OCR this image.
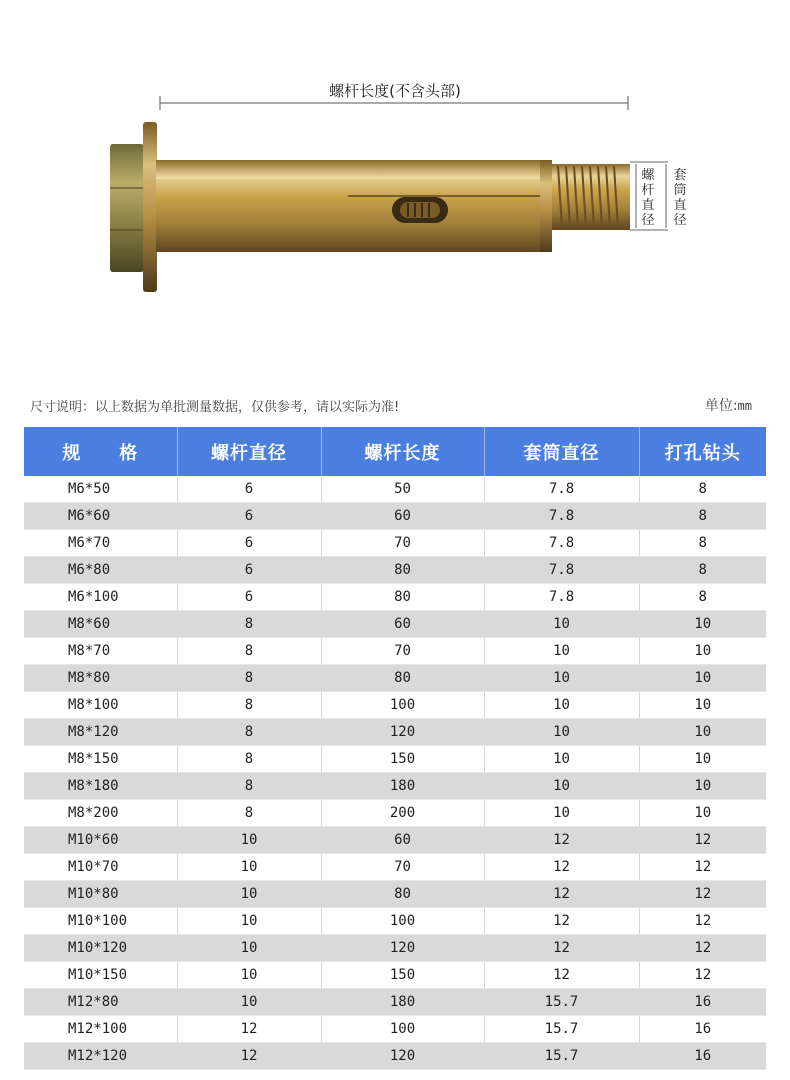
螺杆长度(不含头部)
螺杆直径
套筒直径
尺寸说明：以上数据为单批测量数据，仅供参考，请以实际为准!	单位:mm
规　　格	螺杆直径	螺杆长度	套筒直径	打孔钻头
M6*50	6	50	7.8	8
M6*60	6	60	7.8	8
M6*70	6	70	7.8	8
M6*80	6	80	7.8	8
M6*100	6	80	7.8	8
M8*60	8	60	10	10
M8*70	8	70	10	10
M8*80	8	80	10	10
M8*100	8	100	10	10
M8*120	8	120	10	10
M8*150	8	150	10	10
M8*180	8	180	10	10
M8*200	8	200	10	10
M10*60	10	60	12	12
M10*70	10	70	12	12
M10*80	10	80	12	12
M10*100	10	100	12	12
M10*120	10	120	12	12
M10*150	10	150	12	12
M12*80	10	180	15.7	16
M12*100	12	100	15.7	16
M12*120	12	120	15.7	16
